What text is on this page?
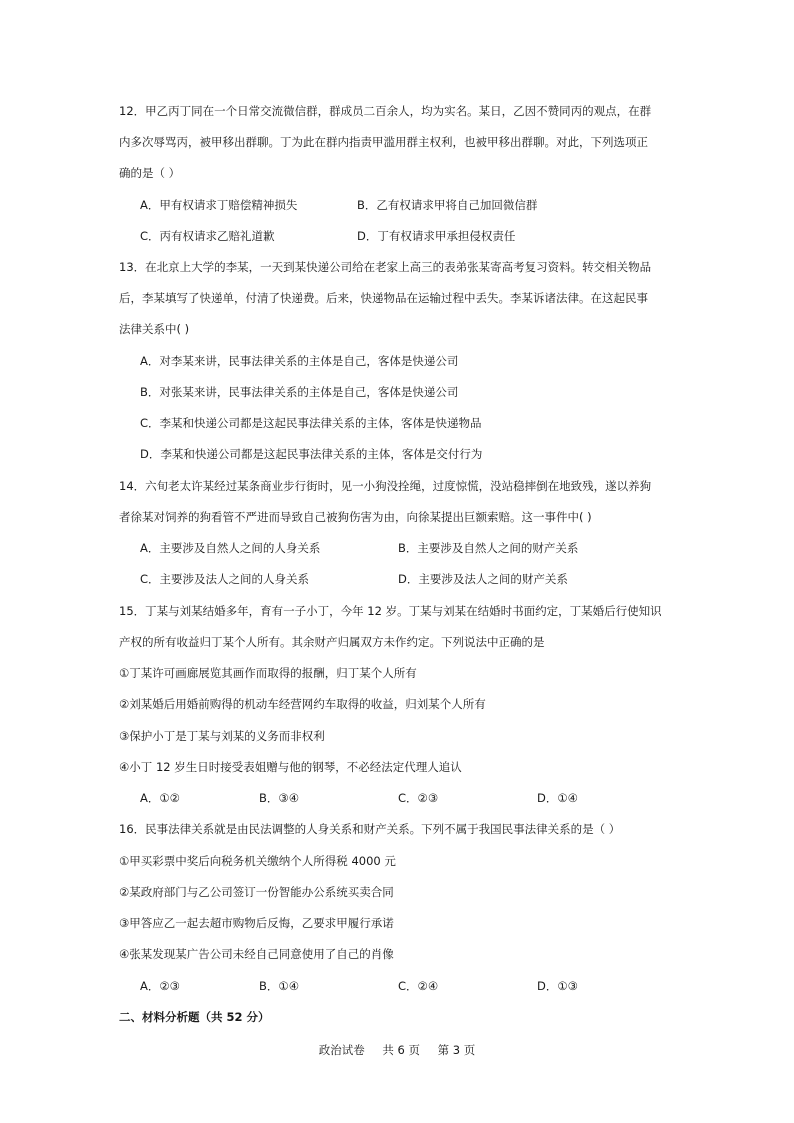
12．甲乙丙丁同在一个日常交流微信群，群成员二百余人，均为实名。某日，乙因不赞同丙的观点，在群
内多次辱骂丙，被甲移出群聊。丁为此在群内指责甲滥用群主权利，也被甲移出群聊。对此，下列选项正
确的是（ ）
A．甲有权请求丁赔偿精神损失	B．乙有权请求甲将自己加回微信群
C．丙有权请求乙赔礼道歉	D．丁有权请求甲承担侵权责任
13．在北京上大学的李某，一天到某快递公司给在老家上高三的表弟张某寄高考复习资料。转交相关物品
后，李某填写了快递单，付清了快递费。后来，快递物品在运输过程中丢失。李某诉诸法律。在这起民事
法律关系中( )
A．对李某来讲，民事法律关系的主体是自己，客体是快递公司
B．对张某来讲，民事法律关系的主体是自己，客体是快递公司
C．李某和快递公司都是这起民事法律关系的主体，客体是快递物品
D．李某和快递公司都是这起民事法律关系的主体，客体是交付行为
14．六旬老太许某经过某条商业步行街时，见一小狗没拴绳，过度惊慌，没站稳摔倒在地致残，遂以养狗
者徐某对饲养的狗看管不严进而导致自己被狗伤害为由，向徐某提出巨额索赔。这一事件中( )
A．主要涉及自然人之间的人身关系	B．主要涉及自然人之间的财产关系
C．主要涉及法人之间的人身关系	D．主要涉及法人之间的财产关系
15．丁某与刘某结婚多年，育有一子小丁，今年 12 岁。丁某与刘某在结婚时书面约定，丁某婚后行使知识
产权的所有收益归丁某个人所有。其余财产归属双方未作约定。下列说法中正确的是
①丁某许可画廊展览其画作而取得的报酬，归丁某个人所有
②刘某婚后用婚前购得的机动车经营网约车取得的收益，归刘某个人所有
③保护小丁是丁某与刘某的义务而非权利
④小丁 12 岁生日时接受表姐赠与他的钢琴，不必经法定代理人追认
A．①②	B．③④	C．②③	D．①④
16．民事法律关系就是由民法调整的人身关系和财产关系。下列不属于我国民事法律关系的是（ ）
①甲买彩票中奖后向税务机关缴纳个人所得税 4000 元
②某政府部门与乙公司签订一份智能办公系统买卖合同
③甲答应乙一起去超市购物后反悔，乙要求甲履行承诺
④张某发现某广告公司未经自己同意使用了自己的肖像
A．②③	B．①④	C．②④	D．①③
二、材料分析题（共 52 分）
政治试卷 共 6 页 第 3 页
